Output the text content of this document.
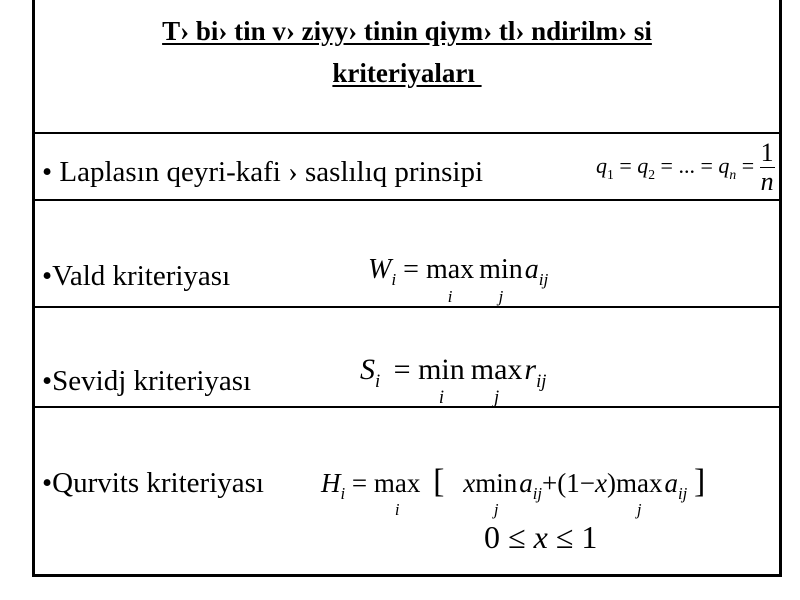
T› bi› tin v› ziyy› tinin qiym› tl› ndirilm› si
kriteriyaları
• Laplasın qeyri-kafi › saslılıq prinsipi	$q_1 = q_2$ = ... = $q_n = \frac{1}{n}$
•Vald kriteriyası	$W_i = \max$
i
min
j
$a_{ij}$
•Sevidj kriteriyası	$S_i = \min$
i
max
j
$r_{ij}$
•Qurvits kriteriyası $H_i = \max$
i
[ xmin
j
$a_{ij}+(1-x)\max$
j
$a_{ij}$ ]
0 ≤ x ≤ 1
